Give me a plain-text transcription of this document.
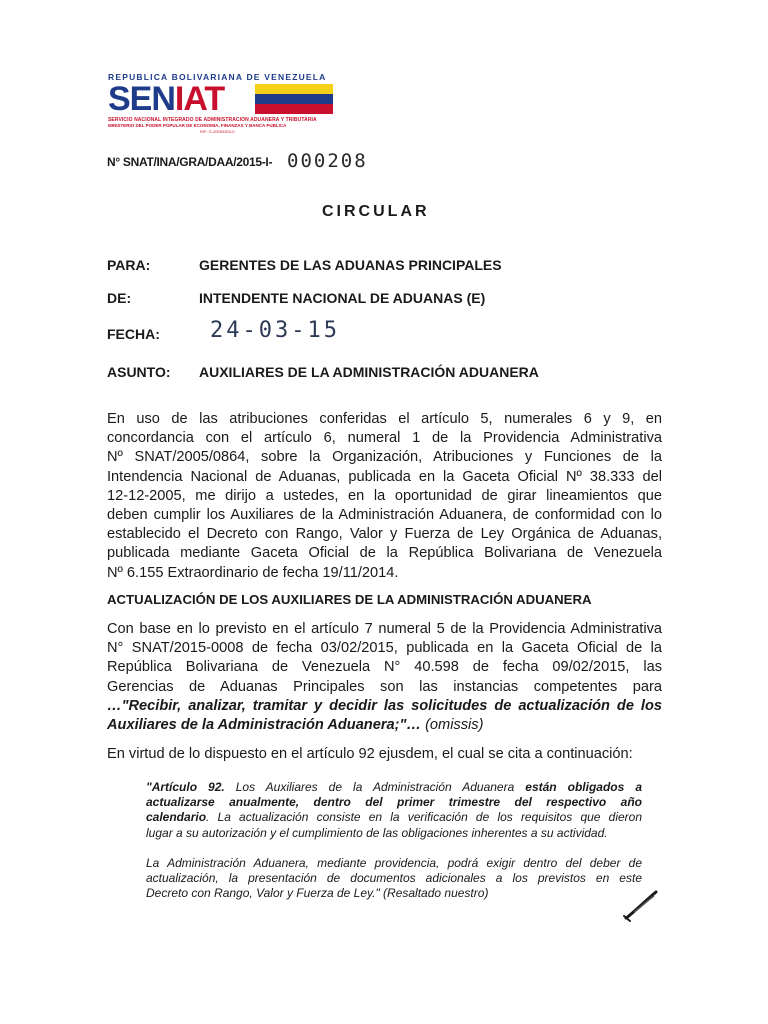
REPUBLICA BOLIVARIANA DE VENEZUELA
SENIAT
SERVICIO NACIONAL INTEGRADO DE ADMINISTRACION ADUANERA Y TRIBUTARIA
MINISTERIO DEL PODER POPULAR DE ECONOMIA, FINANZAS Y BANCA PUBLICA
RIF: G-20000303-0
N° SNAT/INA/GRA/DAA/2015-I- 000208
CIRCULAR
PARA:	GERENTES DE LAS ADUANAS PRINCIPALES
DE:	INTENDENTE NACIONAL DE ADUANAS (E)
FECHA: 24-03-15
ASUNTO: AUXILIARES DE LA ADMINISTRACIÓN ADUANERA
En uso de las atribuciones conferidas el artículo 5, numerales 6 y 9, en
concordancia con el artículo 6, numeral 1 de la Providencia Administrativa
Nº SNAT/2005/0864, sobre la Organización, Atribuciones y Funciones de la
Intendencia Nacional de Aduanas, publicada en la Gaceta Oficial Nº 38.333 del
12-12-2005, me dirijo a ustedes, en la oportunidad de girar lineamientos que
deben cumplir los Auxiliares de la Administración Aduanera, de conformidad con lo
establecido el Decreto con Rango, Valor y Fuerza de Ley Orgánica de Aduanas,
publicada mediante Gaceta Oficial de la República Bolivariana de Venezuela
Nº 6.155 Extraordinario de fecha 19/11/2014.
ACTUALIZACIÓN DE LOS AUXILIARES DE LA ADMINISTRACIÓN ADUANERA
Con base en lo previsto en el artículo 7 numeral 5 de la Providencia Administrativa
N° SNAT/2015-0008 de fecha 03/02/2015, publicada en la Gaceta Oficial de la
República Bolivariana de Venezuela N° 40.598 de fecha 09/02/2015, las
Gerencias de Aduanas Principales son las instancias competentes para
…"Recibir, analizar, tramitar y decidir las solicitudes de actualización de los
Auxiliares de la Administración Aduanera;"… (omissis)
En virtud de lo dispuesto en el artículo 92 ejusdem, el cual se cita a continuación:
"Artículo 92. Los Auxiliares de la Administración Aduanera están obligados a
actualizarse anualmente, dentro del primer trimestre del respectivo año
calendario. La actualización consiste en la verificación de los requisitos que dieron
lugar a su autorización y el cumplimiento de las obligaciones inherentes a su actividad.
La Administración Aduanera, mediante providencia, podrá exigir dentro del deber de
actualización, la presentación de documentos adicionales a los previstos en este
Decreto con Rango, Valor y Fuerza de Ley." (Resaltado nuestro)
